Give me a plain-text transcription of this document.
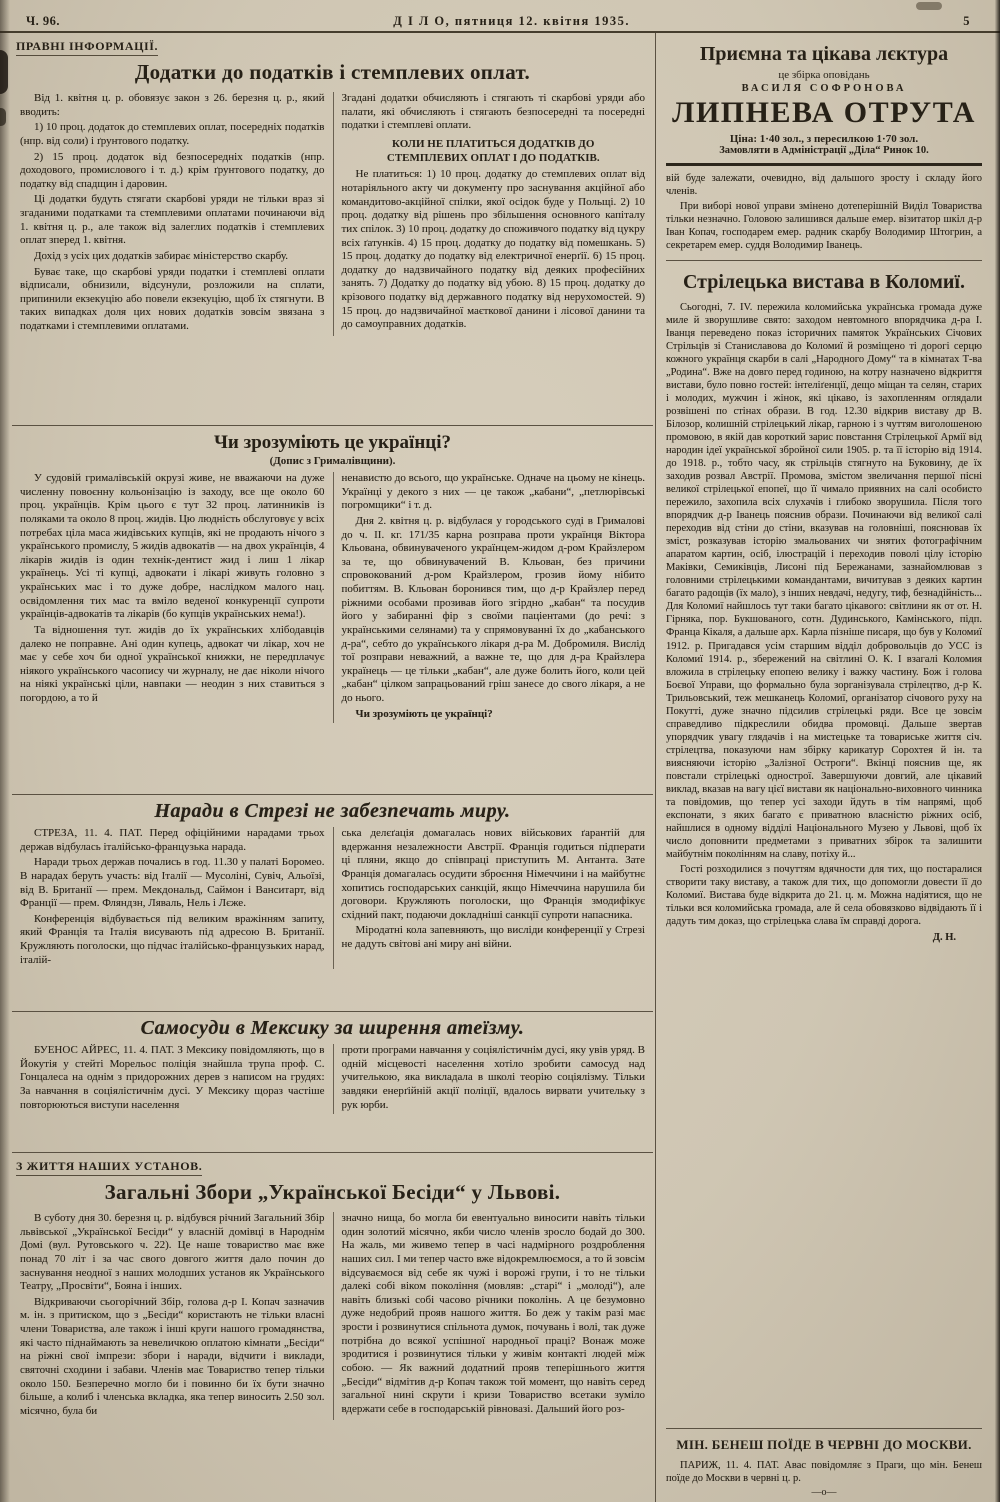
Ч. 96.	Д І Л О, пятниця 12. квітня 1935.	5
ПРАВНІ ІНФОРМАЦІЇ.
Додатки до податків і стемплевих оплат.

Від 1. квітня ц. р. обовязує закон з 26. березня ц. р., який вводить:

1) 10 проц. додаток до стемплевих оплат, посередніх податків (нпр. від соли) і ґрунтового податку.

2) 15 проц. додаток від безпосередніх податків (нпр. доходового, промислового і т. д.) крім ґрунтового податку, до податку від спадщин і даровин.

Ці додатки будуть стягати скарбові уряди не тільки враз зі згаданими податками та стемплевими оплатами починаючи від 1. квітня ц. р., але також від залеглих податків і стемплевих оплат зперед 1. квітня.

Дохід з усіх цих додатків забирає міністерство скарбу.

Буває таке, що скарбові уряди податки і стемплеві оплати відписали, обнизили, відсунули, розложили на сплати, припинили екзекуцію або повели екзекуцію, щоб їх стягнути. В таких випадках доля цих нових додатків зовсім звязана з податками і стемплевими оплатами.

Згадані додатки обчисляють і стягають ті скарбові уряди або палати, які обчисляють і стягають безпосередні та посередні податки і стемплеві оплати.

КОЛИ НЕ ПЛАТИТЬСЯ ДОДАТКІВ ДО СТЕМПЛЕВИХ ОПЛАТ І ДО ПОДАТКІВ.

Не платиться: 1) 10 проц. додатку до стемплевих оплат від нотаріяльного акту чи документу про заснування акційної або командитово-акційної спілки, якої осідок буде у Польщі. 2) 10 проц. додатку від рішень про збільшення основного капіталу тих спілок. 3) 10 проц. додатку до споживчого податку від цукру всіх ґатунків. 4) 15 проц. додатку до податку від помешкань. 5) 15 проц. додатку до податку від електричної енерґії. 6) 15 проц. додатку до надзвичайного податку від деяких професійних занять. 7) Додатку до податку від убою. 8) 15 проц. додатку до крізового податку від державного податку від нерухомостей. 9) 15 проц. до надзвичайної маєткової данини і лісової данини та до самоуправних додатків.

Чи зрозуміють це українці?
(Допис з Грималівщини).

У судовій грималівській окрузі живе, не вважаючи на дуже численну повоєнну кольонізацію із заходу, все ще около 60 проц. українців. Крім цього є тут 32 проц. латинників із поляками та около 8 проц. жидів. Цю людність обслуговує у всіх потребах ціла маса жидівських купців, які не продають нічого з українського промислу, 5 жидів адвокатів — на двох українців, 4 лікарів жидів із один технік-дентист жид і лиш 1 лікар українець. Усі ті купці, адвокати і лікарі живуть головно з українських мас і то дуже добре, наслідком малого нац. освідомлення тих мас та вміло веденої конкуренції супроти українців-адвокатів та лікарів (бо купців українських нема!).

Та відношення тут. жидів до їх українських хлібодавців далеко не поправне. Ані один купець, адвокат чи лікар, хоч не має у себе хоч би одної української книжки, не передплачує ніякого українського часопису чи журналу, не дає ніколи нічого на ніякі українські ціли, навпаки — неодин з них ставиться з погордою, а то й

ненавистю до всього, що українське. Одначе на цьому не кінець. Українці у декого з них — це також „кабани“, „петлюрівські погромщики“ і т. д.

Дня 2. квітня ц. р. відбулася у городського суді в Грималові до ч. II. кг. 171/35 карна розправа проти українця Віктора Кльована, обвинуваченого українцем-жидом д-ром Крайзлером за те, що обвинувачений В. Кльован, без причини спровокований д-ром Крайзлером, грозив йому нібито побиттям. В. Кльован боронився тим, що д-р Крайзлер перед ріжними особами прозивав його згірдно „кабан“ та посудив його у забиранні фір з своїми паціентами (до речі: з українськими селянами) та у спрямовуванні їх до „кабанського д-ра“, себто до українського лікаря д-ра М. Добромиля. Вислід тої розправи неважний, а важне те, що для д-ра Крайзлера українець — це тільки „кабан“, але дуже болить його, коли цей „кабан“ цілком запрацьований гріш занесе до свого лікаря, а не до нього.

Чи зрозуміють це українці?

Наради в Стрезі не забезпечать миру.

СТРЕЗА, 11. 4. ПАТ. Перед офіційними нарадами трьох держав відбулась італійсько-французька нарада.

Наради трьох держав почались в год. 11.30 у палаті Боромео. В нарадах беруть участь: від Італії — Мусоліні, Сувіч, Альоїзі, від В. Британії — прем. Мекдональд, Саймон і Ванситарт, від Франції — прем. Фляндзн, Ляваль, Нель і Лєже.

Конференція відбувається під великим вражінням запиту, який Франція та Італія висувають під адресою В. Британії. Кружляють поголоски, що підчас італійсько-французьких нарад, італій-

ська делєґація домагалась нових військових ґарантій для вдержання незалежности Австрії. Франція годиться підперати ці пляни, якщо до співпраці приступить М. Антанта. Зате Франція домагалась осудити зброєння Німеччини і на майбутнє хопитись господарських санкцій, якщо Німеччина нарушила би договори. Кружляють поголоски, що Франція змодифікує східний пакт, подаючи докладніші санкції супроти напасника.

Міродатні кола запевняють, що висліди конференції у Стрезі не дадуть світові ані миру ані війни.

Самосуди в Мексику за ширення атеїзму.

БУЕНОС АЙРЕС, 11. 4. ПАТ. З Мексику повідомляють, що в Йокутія у стейті Морельос поліція знайшла трупа проф. С. Гонцалеса на однім з придорожних дерев з написом на грудях: За навчання в соціялістичнім дусі. У Мексику щораз частіше повторюються виступи населення

проти програми навчання у соціялістичнім дусі, яку увів уряд. В одній місцевості населення хотіло зробити самосуд над учителькою, яка викладала в школі теорію соціялізму. Тільки завдяки енерґійній акції поліції, вдалось вирвати учительку з рук юрби.

З ЖИТТЯ НАШИХ УСТАНОВ.
Загальні Збори „Української Бесіди“ у Львові.

В суботу дня 30. березня ц. р. відбувся річний Загальний Збір львівської „Української Бесіди“ у власній домівці в Народнім Домі (вул. Рутовського ч. 22). Це наше товариство має вже понад 70 літ і за час свого довгого життя дало почин до заснування неодної з наших молодших установ як Українського Театру, „Просвіти“, Бояна і інших.

Відкриваючи сьогорічний Збір, голова д-р І. Копач зазначив м. ін. з притиском, що з „Бесіди“ користають не тільки власні члени Товариства, але також і інші круги нашого громадянства, які часто піднаймають за невеличкою оплатою кімнати „Бесіди“ на ріжні свої імпрези: збори і наради, відчити і виклади, святочні сходини і забави. Членів має Товариство тепер тільки около 150. Безперечно могло би і повинно би їх бути значно більше, а колиб і членська вкладка, яка тепер виносить 2.50 зол. місячно, була би

значно нища, бо могла би евентуально виносити навіть тільки один золотий місячно, якби число членів зросло бодай до 300. На жаль, ми живемо тепер в часі надмірного роздроблення наших сил. І ми тепер часто вже відокремлюємося, а то й зовсім відсуваємося від себе як чужі і ворожі групи, і то не тільки далекі собі віком покоління (мовляв: „старі“ і „молоді“), але навіть близькі собі часово річники поколінь. А це безумовно дуже недобрий прояв нашого життя. Бо деж у такім разі має зрости і розвинутися спільнота думок, почувань і волі, так дуже потрібна до всякої успішної народньої праці? Вонаж може зродитися і розвинутися тільки у живім контакті людей між собою. — Як важний додатний прояв теперішнього життя „Бесіди“ відмітив д-р Копач також той момент, що навіть серед загальної нині скрути і кризи Товариство всетаки зуміло вдержати себе в господарській рівновазі. Дальший його роз-

Приємна та цікава лєктура
це збірка оповідань
ВАСИЛЯ СОФРОНОВА
ЛИПНЕВА ОТРУТА
Ціна: 1·40 зол., з пересилкою 1·70 зол.
Замовляти в Адміністрації „Діла“ Ринок 10.

вій буде залежати, очевидно, від дальшого зросту і складу його членів.

При виборі нової управи змінено дотеперішній Виділ Товариства тільки незначно. Головою залишився дальше емер. візитатор шкіл д-р Іван Копач, господарем емер. радник скарбу Володимир Штогрин, а секретарем емер. суддя Володимир Іванець.

Стрілецька вистава в Коломиї.

Сьогодні, 7. IV. пережила коломийська українська громада дуже миле й зворушливе свято: заходом невтомного впорядчика д-ра І. Іванця переведено показ історичних памяток Українських Січових Стрільців зі Станиславова до Коломиї й розміщено ті дорогі серцю кожного українця скарби в салі „Народного Дому“ та в кімнатах Т-ва „Родина“. Вже на довго перед годиною, на котру назначено відкриття вистави, було повно гостей: інтеліґенції, дещо міщан та селян, старих і молодих, мужчин і жінок, які цікаво, із захопленням оглядали розвішені по стінах образи. В год. 12.30 відкрив виставу др В. Білозор, колишній стрілецький лікар, гарною і з чуттям виголошеною промовою, в якій дав короткий зарис повстання Стрілецької Армії від народин ідеї української збройної сили 1905. р. та її історію від 1914. до 1918. р., тобто часу, як стрільців стягнуто на Буковину, де їх заходив розвал Австрії. Промова, змістом звеличання першої пісні великої стрілецької епопеї, що її чимало приявних на салі особисто пережило, захопила всіх слухачів і глибоко зворушила. Після того впорядчик д-р Іванець пояснив образи. Починаючи від великої салі переходив від стіни до стіни, вказував на головніші, пояснював їх зміст, розказував історію змальованих чи знятих фотографічним апаратом картин, осіб, ілюстрацій і переходив поволі цілу історію Маківки, Семиківців, Лисоні під Бережанами, зазнайомлював з головними стрілецькими командантами, вичитував з деяких картин багато радощів (їх мало), з інших невдачі, недугу, тиф, безнадійність... Для Коломиї найшлось тут таки багато цікавого: світлини як от от. Н. Гірняка, пор. Букшованого, сотн. Дудинського, Камінського, підп. Франца Кікаля, а дальше арх. Карла пізніше писаря, що був у Коломиї 1912. р. Пригадався усім старшим відділ добровольців до УСС із Коломиї 1914. р., збережений на світлині О. К. І взагалі Коломия вложила в стрілецьку епопею велику і важку частину. Бож і голова Боєвої Управи, що формально була зорганізувала стрілецтво, д-р К. Трильовський, теж мешканець Коломиї, організатор січового руху на Покутті, дуже значно підсилив стрілецькі ряди. Все це зовсім справедливо підкреслили обидва промовці. Дальше звертав упорядчик увагу глядачів і на мистецьке та товариське життя січ. стрілецтва, показуючи нам збірку карикатур Сорохтея й ін. та виясняючи історію „Залізної Остроги“. Вкінці пояснив ще, як повстали стрілецькі однострої. Завершуючи довгий, але цікавий виклад, вказав на вагу цієї вистави як національно-виховного чинника та повідомив, що тепер усі заходи йдуть в тім напрямі, щоб експонати, з яких багато є приватною власністю ріжних осіб, найшлися в одному відділі Національного Музею у Львові, щоб їх число доповнити предметами з приватних збірок та залишити майбутнім поколінням на славу, потіху й...

Гості розходилися з почуттям вдячности для тих, що постаралися створити таку виставу, а також для тих, що допомогли довести її до Коломиї. Вистава буде відкрита до 21. ц. м. Можна надіятися, що не тільки вся коломийська громада, але й села обовязково відвідають її і дадуть тим доказ, що стрілецька слава їм справді дорога.

Д. Н.

МІН. БЕНЕШ ПОЇДЕ В ЧЕРВНІ ДО МОСКВИ.

ПАРИЖ, 11. 4. ПАТ. Авас повідомляє з Праги, що мін. Бенеш поїде до Москви в червні ц. р.

—о—
